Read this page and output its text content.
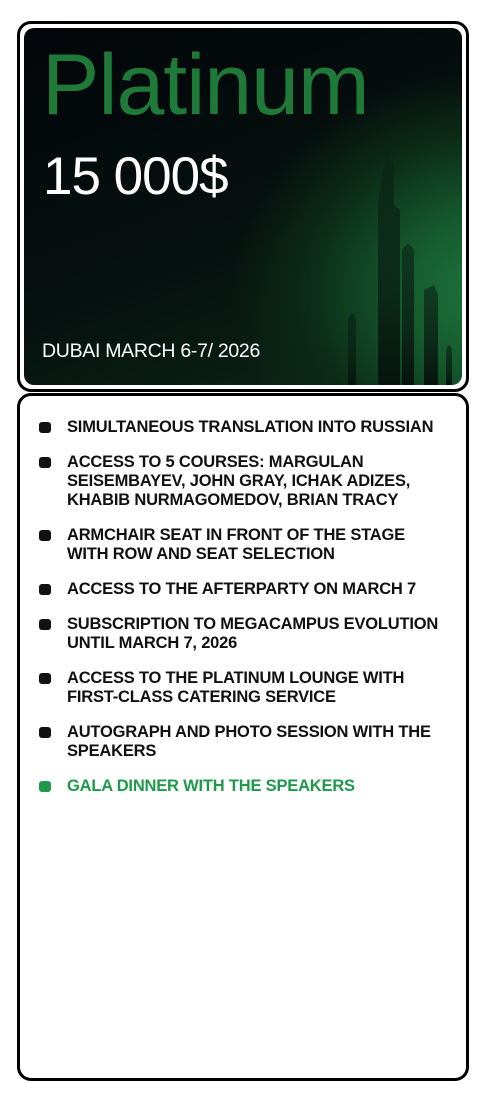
Platinum
15 000$
DUBAI MARCH 6-7/ 2026
SIMULTANEOUS TRANSLATION INTO RUSSIAN
ACCESS TO 5 COURSES: MARGULAN SEISEMBAYEV, JOHN GRAY, ICHAK ADIZES, KHABIB NURMAGOMEDOV, BRIAN TRACY
ARMCHAIR SEAT IN FRONT OF THE STAGE WITH ROW AND SEAT SELECTION
ACCESS TO THE AFTERPARTY ON MARCH 7
SUBSCRIPTION TO MEGACAMPUS EVOLUTION UNTIL MARCH 7, 2026
ACCESS TO THE PLATINUM LOUNGE WITH FIRST-CLASS CATERING SERVICE
AUTOGRAPH AND PHOTO SESSION WITH THE SPEAKERS
GALA DINNER WITH THE SPEAKERS
